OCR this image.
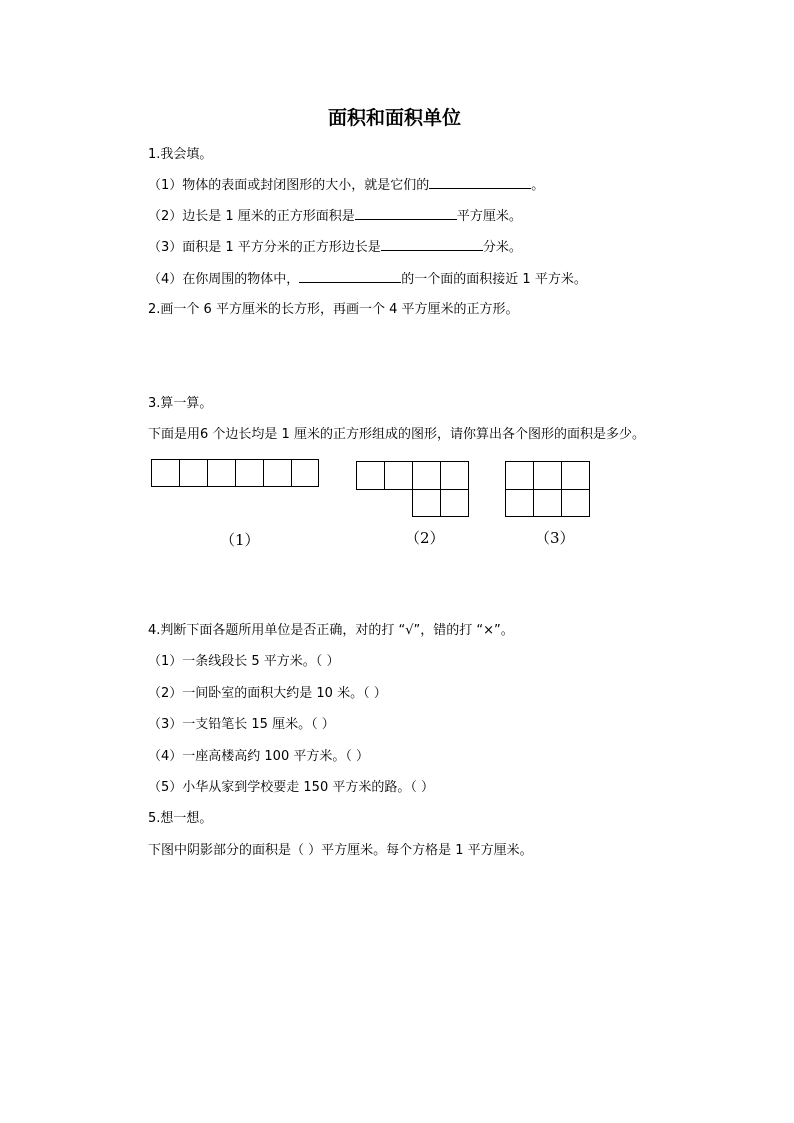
面积和面积单位
1.我会填。
（1）物体的表面或封闭图形的大小，就是它们的	。
（2）边长是 1 厘米的正方形面积是	平方厘米。
（3）面积是 1 平方分米的正方形边长是	分米。
（4）在你周围的物体中，	的一个面的面积接近 1 平方米。
2.画一个 6 平方厘米的长方形，再画一个 4 平方厘米的正方形。
3.算一算。
下面是用6 个边长均是 1 厘米的正方形组成的图形，请你算出各个图形的面积是多少。
（1）	（2）	（3）
4.判断下面各题所用单位是否正确，对的打 “√”，错的打 “×”。
（1）一条线段长 5 平方米。（ ）
（2）一间卧室的面积大约是 10 米。（ ）
（3）一支铅笔长 15 厘米。（ ）
（4）一座高楼高约 100 平方米。（ ）
（5）小华从家到学校要走 150 平方米的路。（ ）
5.想一想。
下图中阴影部分的面积是（ ）平方厘米。每个方格是 1 平方厘米。
